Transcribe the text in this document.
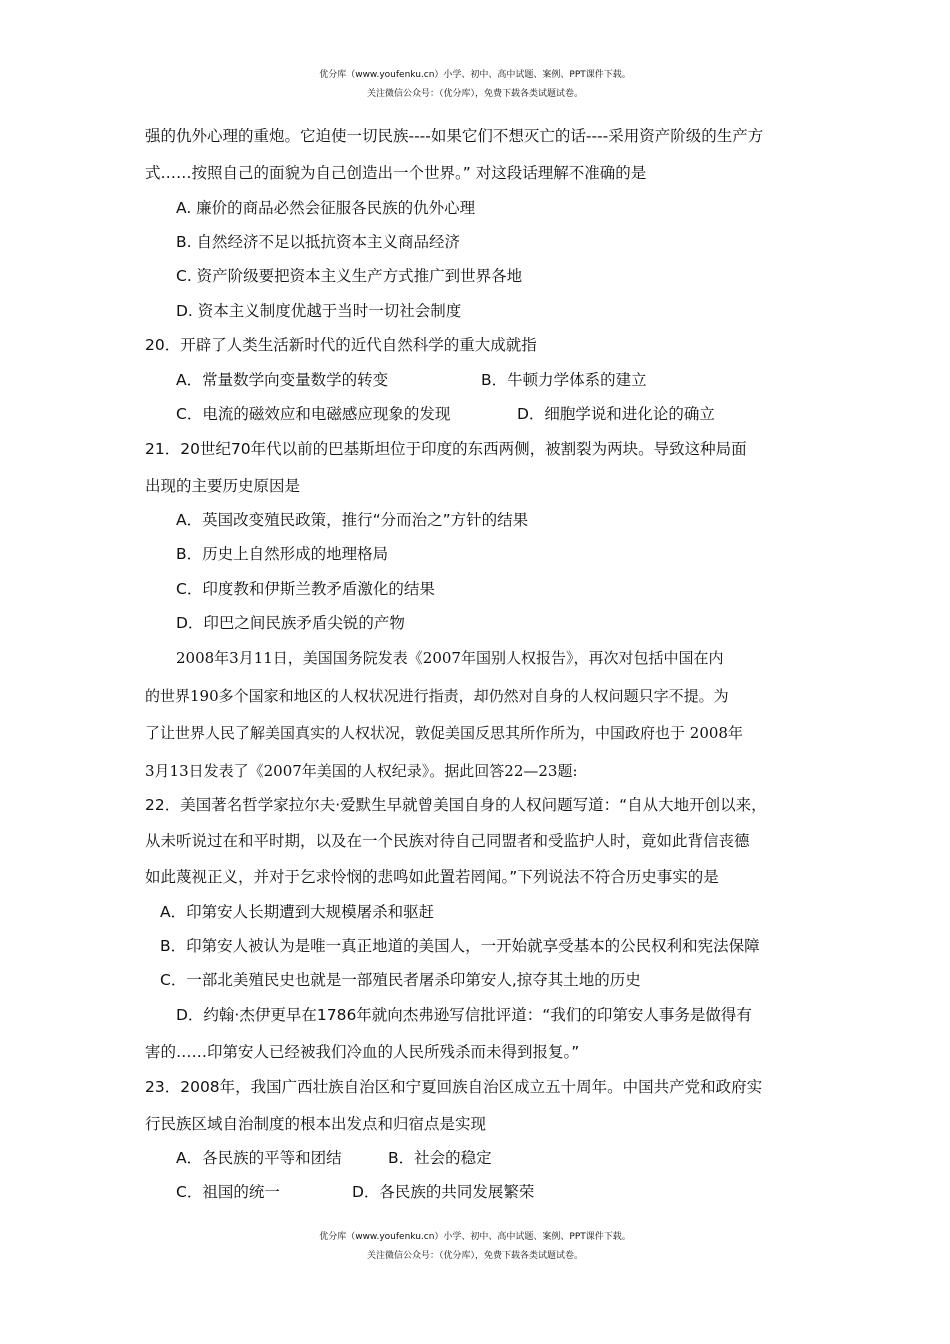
优分库（www.youfenku.cn）小学、初中、高中试题、案例、PPT课件下载。
关注微信公众号：（优分库），免费下载各类试题试卷。
强的仇外心理的重炮。它迫使一切民族----如果它们不想灭亡的话----采用资产阶级的生产方
式……按照自己的面貌为自己创造出一个世界。” 对这段话理解不准确的是
A. 廉价的商品必然会征服各民族的仇外心理
B. 自然经济不足以抵抗资本主义商品经济
C. 资产阶级要把资本主义生产方式推广到世界各地
D. 资本主义制度优越于当时一切社会制度
20．开辟了人类生活新时代的近代自然科学的重大成就指
A．常量数学向变量数学的转变	B．牛顿力学体系的建立
C．电流的磁效应和电磁感应现象的发现	D．细胞学说和进化论的确立
21．20世纪70年代以前的巴基斯坦位于印度的东西两侧，被割裂为两块。导致这种局面
出现的主要历史原因是
A．英国改变殖民政策，推行“分而治之”方针的结果
B．历史上自然形成的地理格局
C．印度教和伊斯兰教矛盾激化的结果
D．印巴之间民族矛盾尖锐的产物
2008年3月11日，美国国务院发表《2007年国别人权报告》，再次对包括中国在内
的世界190多个国家和地区的人权状况进行指责，却仍然对自身的人权问题只字不提。为
了让世界人民了解美国真实的人权状况，敦促美国反思其所作所为，中国政府也于 2008年
3月13日发表了《2007年美国的人权纪录》。据此回答22—23题:
22．美国著名哲学家拉尔夫·爱默生早就曾美国自身的人权问题写道：“自从大地开创以来，
从未听说过在和平时期，以及在一个民族对待自己同盟者和受监护人时，竟如此背信丧德
如此蔑视正义，并对于乞求怜悯的悲鸣如此置若罔闻。”下列说法不符合历史事实的是
A．印第安人长期遭到大规模屠杀和驱赶
B．印第安人被认为是唯一真正地道的美国人，一开始就享受基本的公民权利和宪法保障
C．一部北美殖民史也就是一部殖民者屠杀印第安人,掠夺其土地的历史
D．约翰·杰伊更早在1786年就向杰弗逊写信批评道：“我们的印第安人事务是做得有
害的……印第安人已经被我们冷血的人民所残杀而未得到报复。”
23．2008年，我国广西壮族自治区和宁夏回族自治区成立五十周年。中国共产党和政府实
行民族区域自治制度的根本出发点和归宿点是实现
A．各民族的平等和团结	B．社会的稳定
C．祖国的统一	D．各民族的共同发展繁荣
优分库（www.youfenku.cn）小学、初中、高中试题、案例、PPT课件下载。
关注微信公众号：（优分库），免费下载各类试题试卷。
